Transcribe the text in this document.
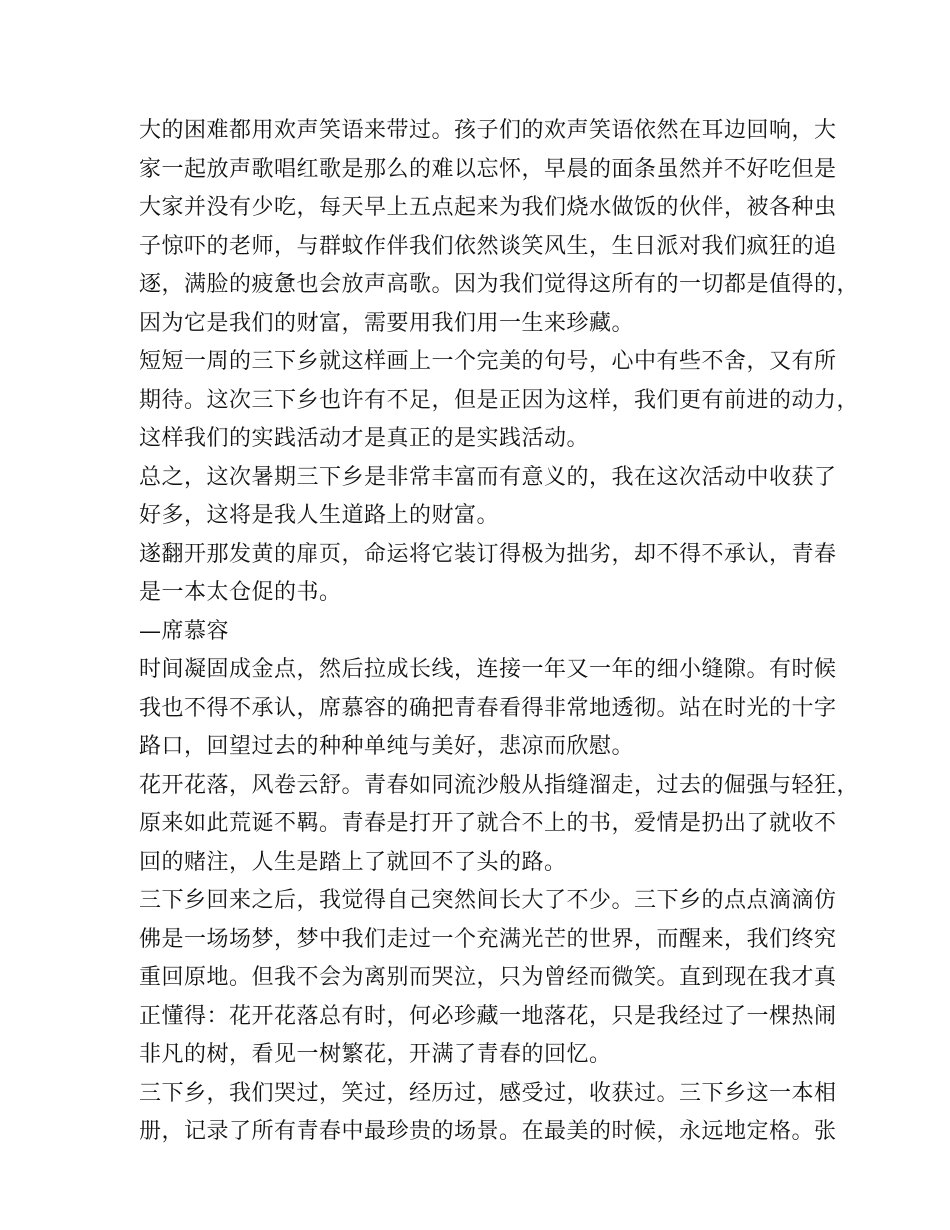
大的困难都用欢声笑语来带过。孩子们的欢声笑语依然在耳边回响，大
家一起放声歌唱红歌是那么的难以忘怀，早晨的面条虽然并不好吃但是
大家并没有少吃，每天早上五点起来为我们烧水做饭的伙伴，被各种虫
子惊吓的老师，与群蚊作伴我们依然谈笑风生，生日派对我们疯狂的追
逐，满脸的疲惫也会放声高歌。因为我们觉得这所有的一切都是值得的，
因为它是我们的财富，需要用我们用一生来珍藏。
短短一周的三下乡就这样画上一个完美的句号，心中有些不舍，又有所
期待。这次三下乡也许有不足，但是正因为这样，我们更有前进的动力，
这样我们的实践活动才是真正的是实践活动。
总之，这次暑期三下乡是非常丰富而有意义的，我在这次活动中收获了
好多，这将是我人生道路上的财富。
遂翻开那发黄的扉页，命运将它装订得极为拙劣，却不得不承认，青春
是一本太仓促的书。
—席慕容
时间凝固成金点，然后拉成长线，连接一年又一年的细小缝隙。有时候
我也不得不承认，席慕容的确把青春看得非常地透彻。站在时光的十字
路口，回望过去的种种单纯与美好，悲凉而欣慰。
花开花落，风卷云舒。青春如同流沙般从指缝溜走，过去的倔强与轻狂，
原来如此荒诞不羁。青春是打开了就合不上的书，爱情是扔出了就收不
回的赌注，人生是踏上了就回不了头的路。
三下乡回来之后，我觉得自己突然间长大了不少。三下乡的点点滴滴仿
佛是一场场梦，梦中我们走过一个充满光芒的世界，而醒来，我们终究
重回原地。但我不会为离别而哭泣，只为曾经而微笑。直到现在我才真
正懂得：花开花落总有时，何必珍藏一地落花，只是我经过了一棵热闹
非凡的树，看见一树繁花，开满了青春的回忆。
三下乡，我们哭过，笑过，经历过，感受过，收获过。三下乡这一本相
册，记录了所有青春中最珍贵的场景。在最美的时候，永远地定格。张
